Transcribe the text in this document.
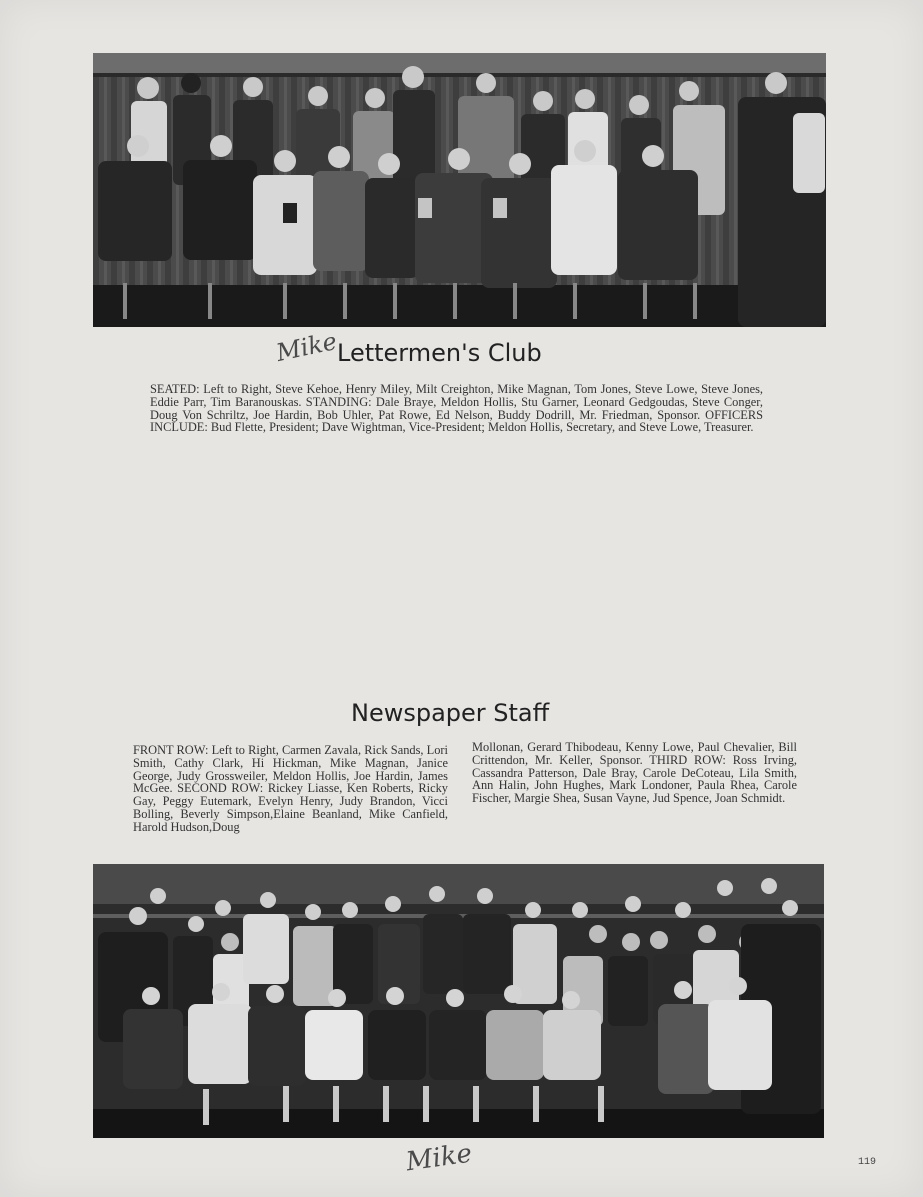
Mike
Lettermen's Club

SEATED: Left to Right, Steve Kehoe, Henry Miley, Milt Creighton, Mike Magnan, Tom Jones, Steve Lowe, Steve Jones, Eddie Parr, Tim Baranouskas. STANDING: Dale Braye, Meldon Hollis, Stu Garner, Leonard Gedgoudas, Steve Conger, Doug Von Schriltz, Joe Hardin, Bob Uhler, Pat Rowe, Ed Nelson, Buddy Dodrill, Mr. Friedman, Sponsor. OFFICERS INCLUDE: Bud Flette, President; Dave Wightman, Vice-President; Meldon Hollis, Secretary, and Steve Lowe, Treasurer.

Newspaper Staff

FRONT ROW: Left to Right, Carmen Zavala, Rick Sands, Lori Smith, Cathy Clark, Hi Hickman, Mike Magnan, Janice George, Judy Grossweiler, Meldon Hollis, Joe Hardin, James McGee. SECOND ROW: Rickey Liasse, Ken Roberts, Ricky Gay, Peggy Eutemark, Evelyn Henry, Judy Brandon, Vicci Bolling, Beverly Simpson,Elaine Beanland, Mike Canfield, Harold Hudson,Doug

Mollonan, Gerard Thibodeau, Kenny Lowe, Paul Chevalier, Bill Crittendon, Mr. Keller, Sponsor. THIRD ROW: Ross Irving, Cassandra Patterson, Dale Bray, Carole DeCoteau, Lila Smith, Ann Halin, John Hughes, Mark Londoner, Paula Rhea, Carole Fischer, Margie Shea, Susan Vayne, Jud Spence, Joan Schmidt.

Mike	119
